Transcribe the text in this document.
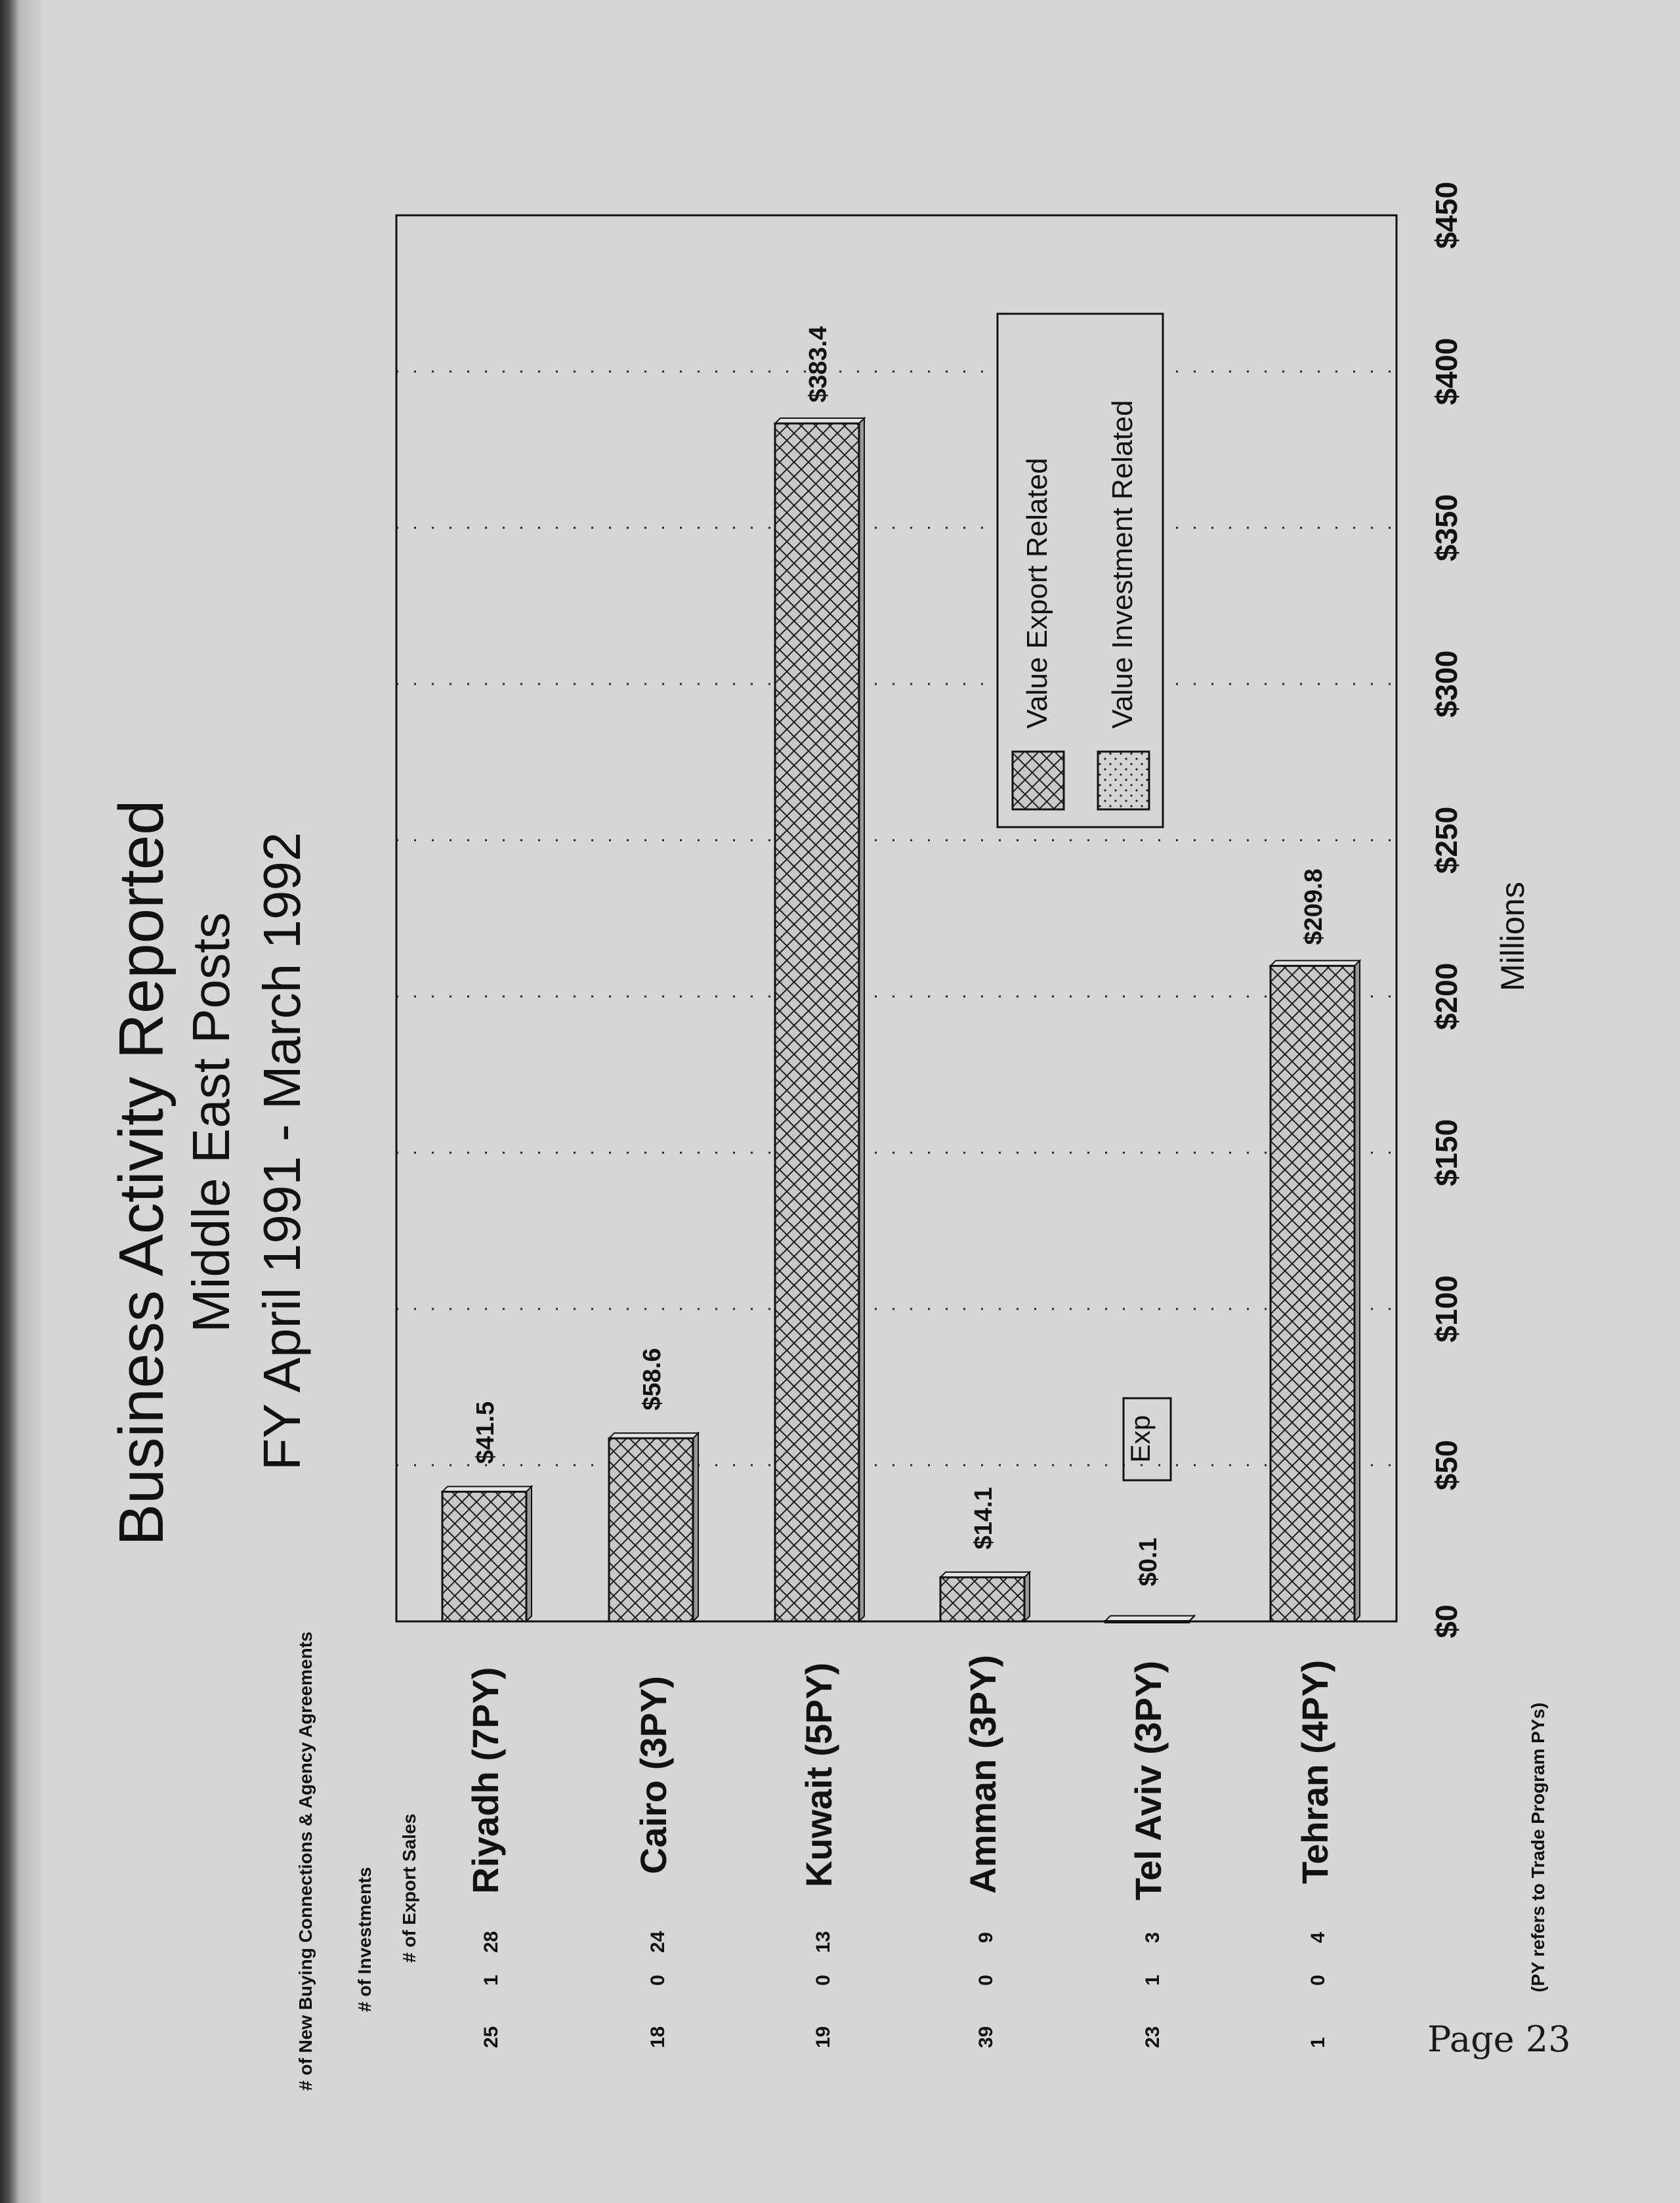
Business Activity Reported Middle East Posts FY April 1991 - March 1992
# of New Buying Connections & Agency Agreements # of Investments # of Export Sales
25
1
28
Riyadh (7PY)
18
0
24
Cairo (3PY)
19
0
13
Kuwait (5PY)
39
0
9
Amman (3PY)
23
1
3
Tel Aviv (3PY)
1
0
4
Tehran (4PY)	(PY refers to Trade Program PYs)
Millions
Page 23
$41.5
$58.6
$383.4
$14.1
$0.1
$209.8
Exp
$0
$50
$100
$150
$200
$250
$300
$350
$400
$450
Value Export Related Value Investment Related
